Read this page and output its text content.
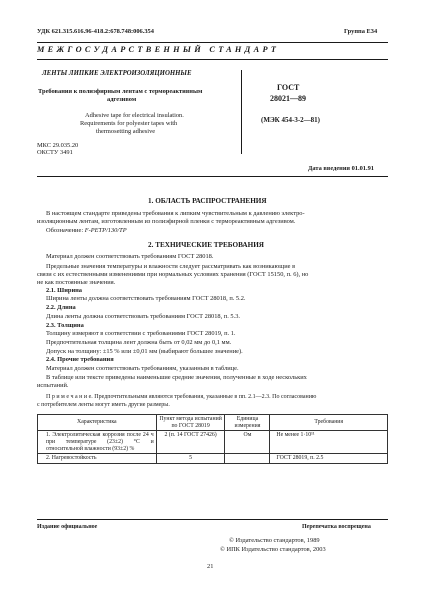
УДК 621.315.616.96-418.2:678.748:006.354	Группа Е34
МЕЖГОСУДАРСТВЕННЫЙ СТАНДАРТ
ЛЕНТЫ ЛИПКИЕ ЭЛЕКТРОИЗОЛЯЦИОННЫЕ
Требования к полиэфирным лентам с термореактивным
адгезивом
Adhesive tape for electrical insulation.
Requirements for polyester tapes with
thermosetting adhesive
ГОСТ
28021—89
(МЭК 454-3-2—81)
МКС 29.035.20
ОКСТУ 3491
Дата введения 01.01.91
1. ОБЛАСТЬ РАСПРОСТРАНЕНИЯ
В настоящем стандарте приведены требования к липким чувствительным к давлению электро-
изоляционным лентам, изготовленным из полиэфирной пленки с термореактивным адгезивом.
Обозначение: F-PETP/130/TP
2. ТЕХНИЧЕСКИЕ ТРЕБОВАНИЯ
Материал должен соответствовать требованиям ГОСТ 28018.
Предельные значения температуры и влажности следует рассматривать как возникающие в
связи с их естественными изменениями при нормальных условиях хранения (ГОСТ 15150, п. 6), но
не как постоянные значения.
2.1. Ширина
Ширина ленты должна соответствовать требованиям ГОСТ 28018, п. 5.2.
2.2. Длина
Длина ленты должна соответствовать требованиям ГОСТ 28018, п. 5.3.
2.3. Толщина
Толщину измеряют в соответствии с требованиями ГОСТ 28019, п. 1.
Предпочтительная толщина лент должна быть от 0,02 мм до 0,1 мм.
Допуск на толщину: ±15 % или ±0,01 мм (выбирают большее значение).
2.4. Прочие требования
Материал должен соответствовать требованиям, указанным в таблице.
В таблице или тексте приведены наименьшие средние значения, полученные в ходе нескольких
испытаний.
П р и м е ч а н и е. Предпочтительными являются требования, указанные в пп. 2.1—2.3. По согласованию
с потребителем ленты могут иметь другие размеры.
Характеристика	Пункт метода испытаний по ГОСТ 28019	Единица измерения	Требования
1. Электролитическая коррозия после 24 ч при температуре (23±2) °С и относительной влажности (93±2) %	2 (п. 14 ГОСТ 27426)	Ом	Не менее 1·10¹¹
2. Нагревостойкость	5		ГОСТ 28019, п. 2.5
Издание официальное	Перепечатка воспрещена
© Издательство стандартов, 1989
© ИПК Издательство стандартов, 2003
21
